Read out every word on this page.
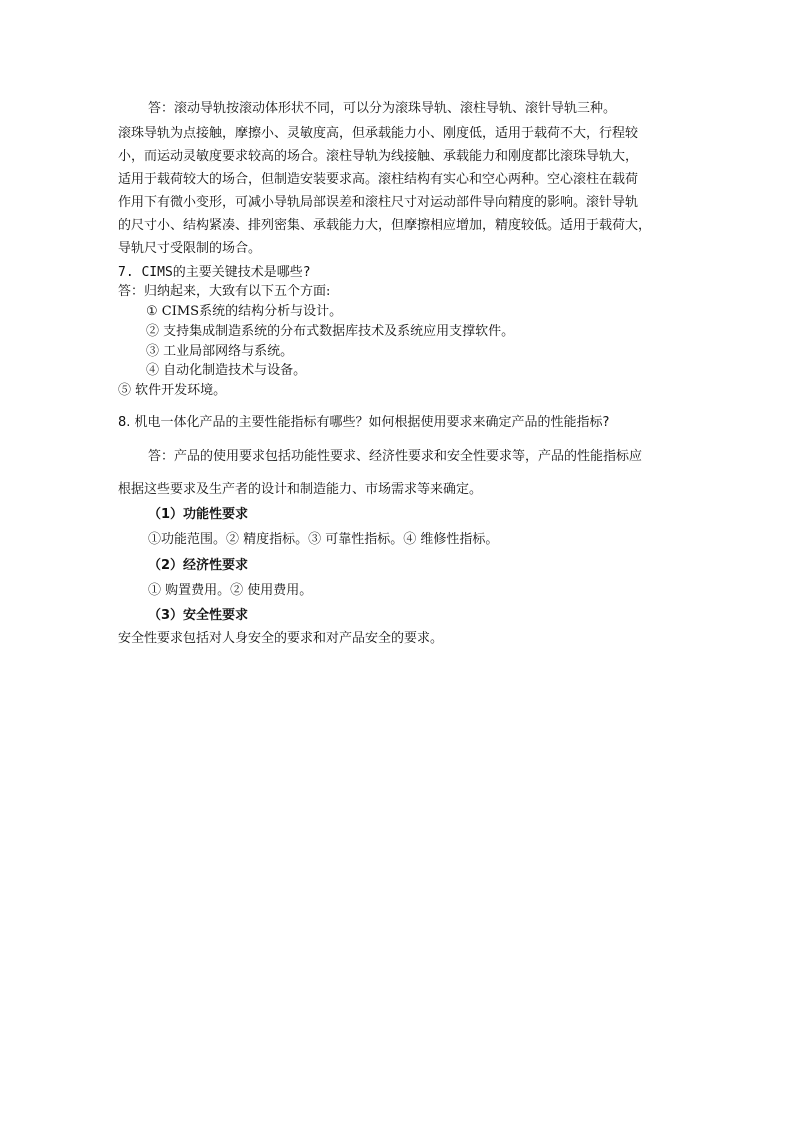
答：滚动导轨按滚动体形状不同，可以分为滚珠导轨、滚柱导轨、滚针导轨三种。
滚珠导轨为点接触，摩擦小、灵敏度高，但承载能力小、刚度低，适用于载荷不大，行程较
小，而运动灵敏度要求较高的场合。滚柱导轨为线接触、承载能力和刚度都比滚珠导轨大，
适用于载荷较大的场合，但制造安装要求高。滚柱结构有实心和空心两种。空心滚柱在载荷
作用下有微小变形，可减小导轨局部误差和滚柱尺寸对运动部件导向精度的影响。滚针导轨
的尺寸小、结构紧凑、排列密集、承载能力大，但摩擦相应增加，精度较低。适用于载荷大，
导轨尺寸受限制的场合。
7. CIMS的主要关键技术是哪些?
答：归纳起来，大致有以下五个方面:
① CIMS系统的结构分析与设计。
② 支持集成制造系统的分布式数据库技术及系统应用支撑软件。
③ 工业局部网络与系统。
④ 自动化制造技术与设备。
⑤ 软件开发环境。
8. 机电一体化产品的主要性能指标有哪些？如何根据使用要求来确定产品的性能指标?
答：产品的使用要求包括功能性要求、经济性要求和安全性要求等，产品的性能指标应
根据这些要求及生产者的设计和制造能力、市场需求等来确定。
（1）功能性要求
①功能范围。② 精度指标。③ 可靠性指标。④ 维修性指标。
（2）经济性要求
① 购置费用。② 使用费用。
（3）安全性要求
安全性要求包括对人身安全的要求和对产品安全的要求。
